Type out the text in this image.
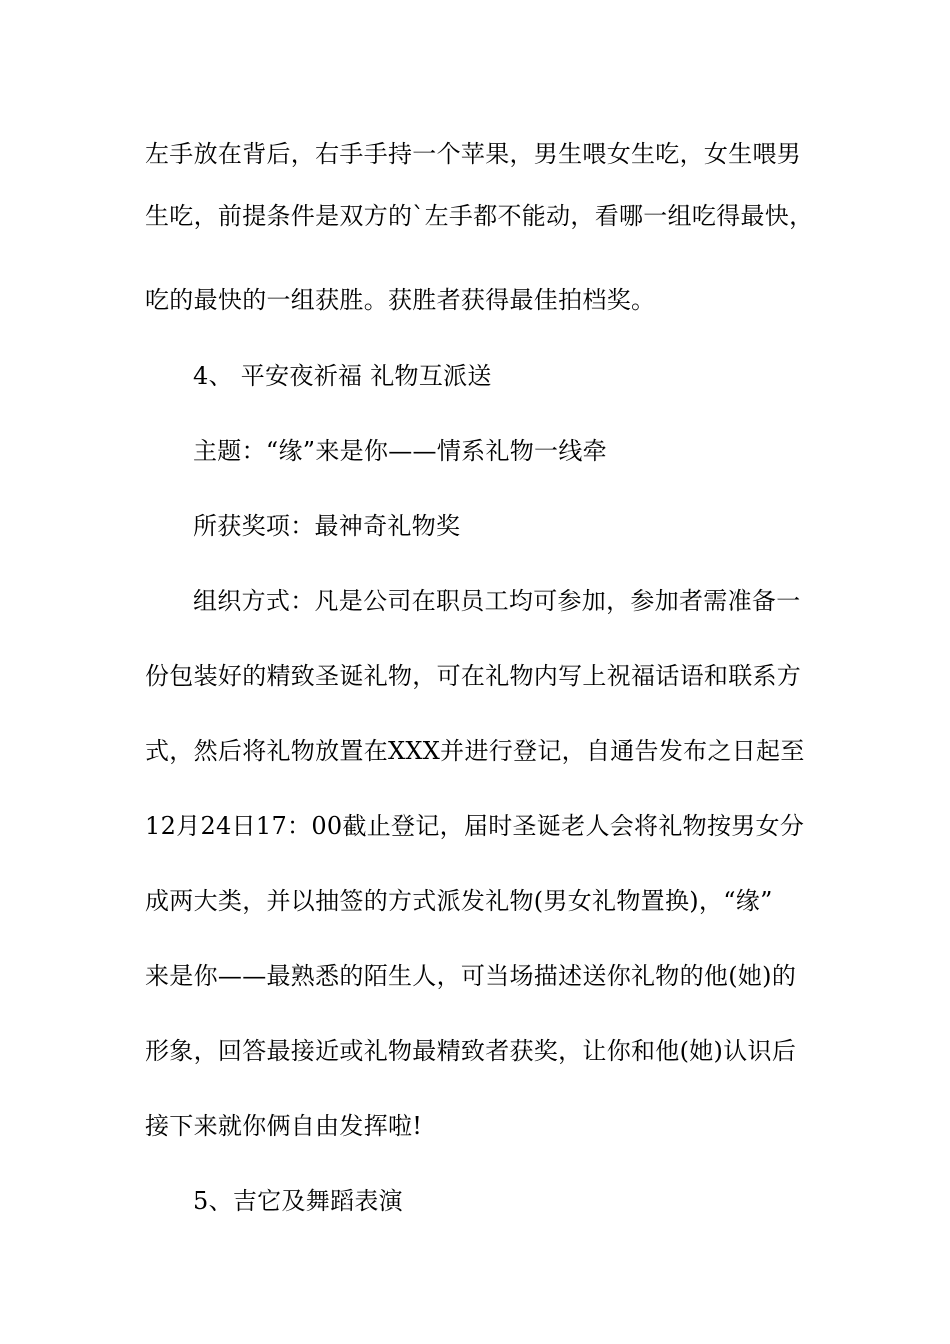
左手放在背后，右手手持一个苹果，男生喂女生吃，女生喂男
生吃，前提条件是双方的`左手都不能动，看哪一组吃得最快，
吃的最快的一组获胜。获胜者获得最佳拍档奖。
4、 平安夜祈福 礼物互派送
主题：“缘”来是你——情系礼物一线牵
所获奖项：最神奇礼物奖
组织方式：凡是公司在职员工均可参加，参加者需准备一
份包装好的精致圣诞礼物，可在礼物内写上祝福话语和联系方
式，然后将礼物放置在XXX并进行登记，自通告发布之日起至
12月24日17：00截止登记，届时圣诞老人会将礼物按男女分
成两大类，并以抽签的方式派发礼物(男女礼物置换)，“缘”
来是你——最熟悉的陌生人，可当场描述送你礼物的他(她)的
形象，回答最接近或礼物最精致者获奖，让你和他(她)认识后
接下来就你俩自由发挥啦!
5、吉它及舞蹈表演
